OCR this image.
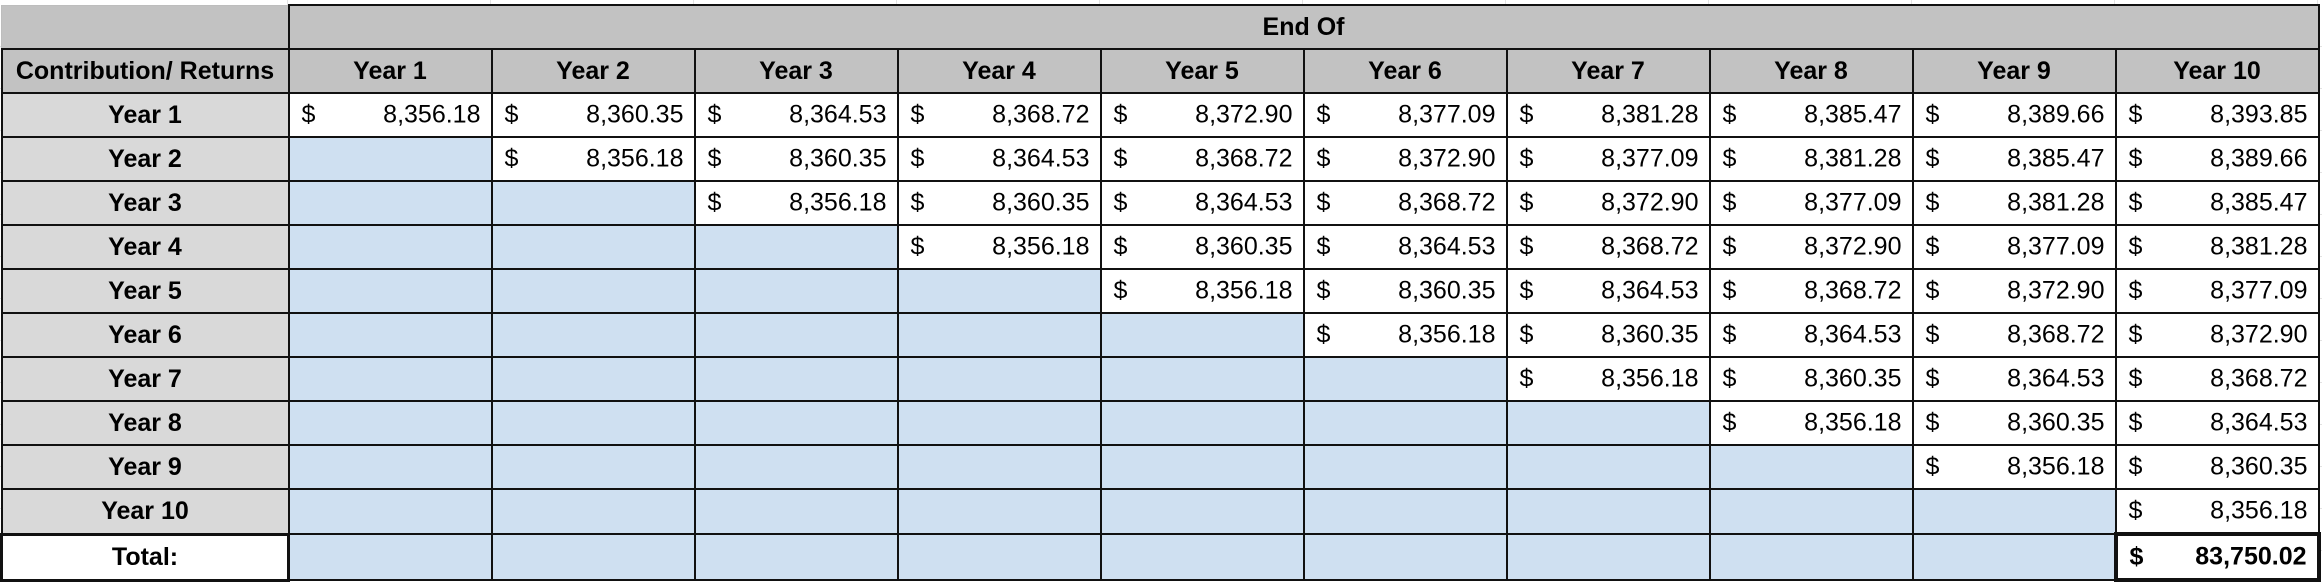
	End Of									
Contribution/ Returns	Year 1	Year 2	Year 3	Year 4	Year 5	Year 6	Year 7	Year 8	Year 9	Year 10
Year 1	$ 8,356.18	$ 8,360.35	$ 8,364.53	$ 8,368.72	$ 8,372.90	$ 8,377.09	$ 8,381.28	$ 8,385.47	$ 8,389.66	$ 8,393.85

Year 2		$ 8,356.18	$ 8,360.35	$ 8,364.53	$ 8,368.72	$ 8,372.90	$ 8,377.09	$ 8,381.28	$ 8,385.47	$ 8,389.66

Year 3			$ 8,356.18	$ 8,360.35	$ 8,364.53	$ 8,368.72	$ 8,372.90	$ 8,377.09	$ 8,381.28	$ 8,385.47

Year 4				$ 8,356.18	$ 8,360.35	$ 8,364.53	$ 8,368.72	$ 8,372.90	$ 8,377.09	$ 8,381.28

Year 5					$ 8,356.18	$ 8,360.35	$ 8,364.53	$ 8,368.72	$ 8,372.90	$ 8,377.09

Year 6						$ 8,356.18	$ 8,360.35	$ 8,364.53	$ 8,368.72	$ 8,372.90

Year 7							$ 8,356.18	$ 8,360.35	$ 8,364.53	$ 8,368.72

Year 8								$ 8,356.18	$ 8,360.35	$ 8,364.53

Year 9									$ 8,356.18	$ 8,360.35

Year 10										$ 8,356.18

Total:										$ 83,750.02
